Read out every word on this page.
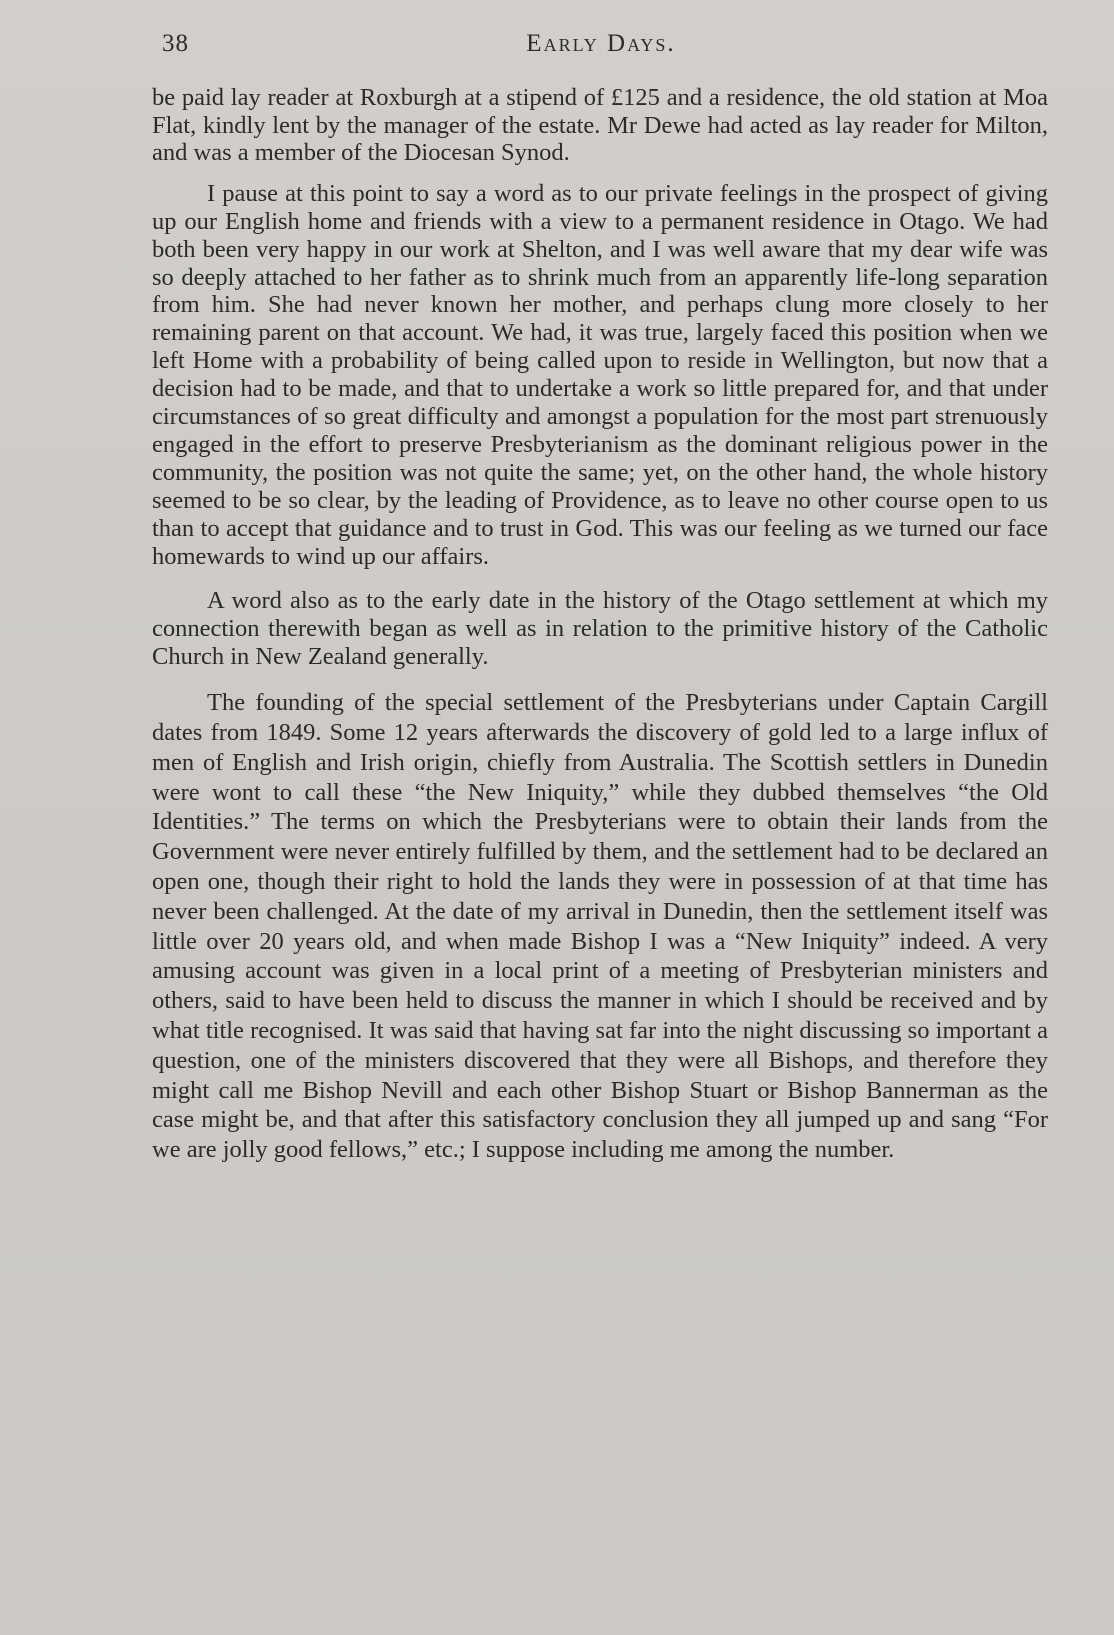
38	Early Days.

be paid lay reader at Roxburgh at a stipend of £125 and a residence, the old station at Moa Flat, kindly lent by the manager of the estate. Mr Dewe had acted as lay reader for Milton, and was a member of the Diocesan Synod.

I pause at this point to say a word as to our private feelings in the prospect of giving up our English home and friends with a view to a permanent residence in Otago. We had both been very happy in our work at Shelton, and I was well aware that my dear wife was so deeply attached to her father as to shrink much from an apparently life-long separation from him. She had never known her mother, and perhaps clung more closely to her remaining parent on that account. We had, it was true, largely faced this position when we left Home with a probability of being called upon to reside in Wellington, but now that a decision had to be made, and that to undertake a work so little prepared for, and that under circumstances of so great difficulty and amongst a population for the most part strenuously engaged in the effort to preserve Presbyterianism as the dominant religious power in the community, the position was not quite the same; yet, on the other hand, the whole history seemed to be so clear, by the leading of Providence, as to leave no other course open to us than to accept that guidance and to trust in God. This was our feeling as we turned our face homewards to wind up our affairs.

A word also as to the early date in the history of the Otago settlement at which my connection therewith began as well as in relation to the primitive history of the Catholic Church in New Zealand generally.

The founding of the special settlement of the Presbyterians under Captain Cargill dates from 1849. Some 12 years afterwards the discovery of gold led to a large influx of men of English and Irish origin, chiefly from Australia. The Scottish settlers in Dunedin were wont to call these “the New Iniquity,” while they dubbed themselves “the Old Identities.” The terms on which the Presbyterians were to obtain their lands from the Government were never entirely fulfilled by them, and the settlement had to be declared an open one, though their right to hold the lands they were in possession of at that time has never been challenged. At the date of my arrival in Dunedin, then the settlement itself was little over 20 years old, and when made Bishop I was a “New Iniquity” indeed. A very amusing account was given in a local print of a meeting of Presbyterian ministers and others, said to have been held to discuss the manner in which I should be received and by what title recognised. It was said that having sat far into the night discussing so important a question, one of the ministers discovered that they were all Bishops, and therefore they might call me Bishop Nevill and each other Bishop Stuart or Bishop Bannerman as the case might be, and that after this satisfactory conclusion they all jumped up and sang “For we are jolly good fellows,” etc.; I suppose including me among the number.
